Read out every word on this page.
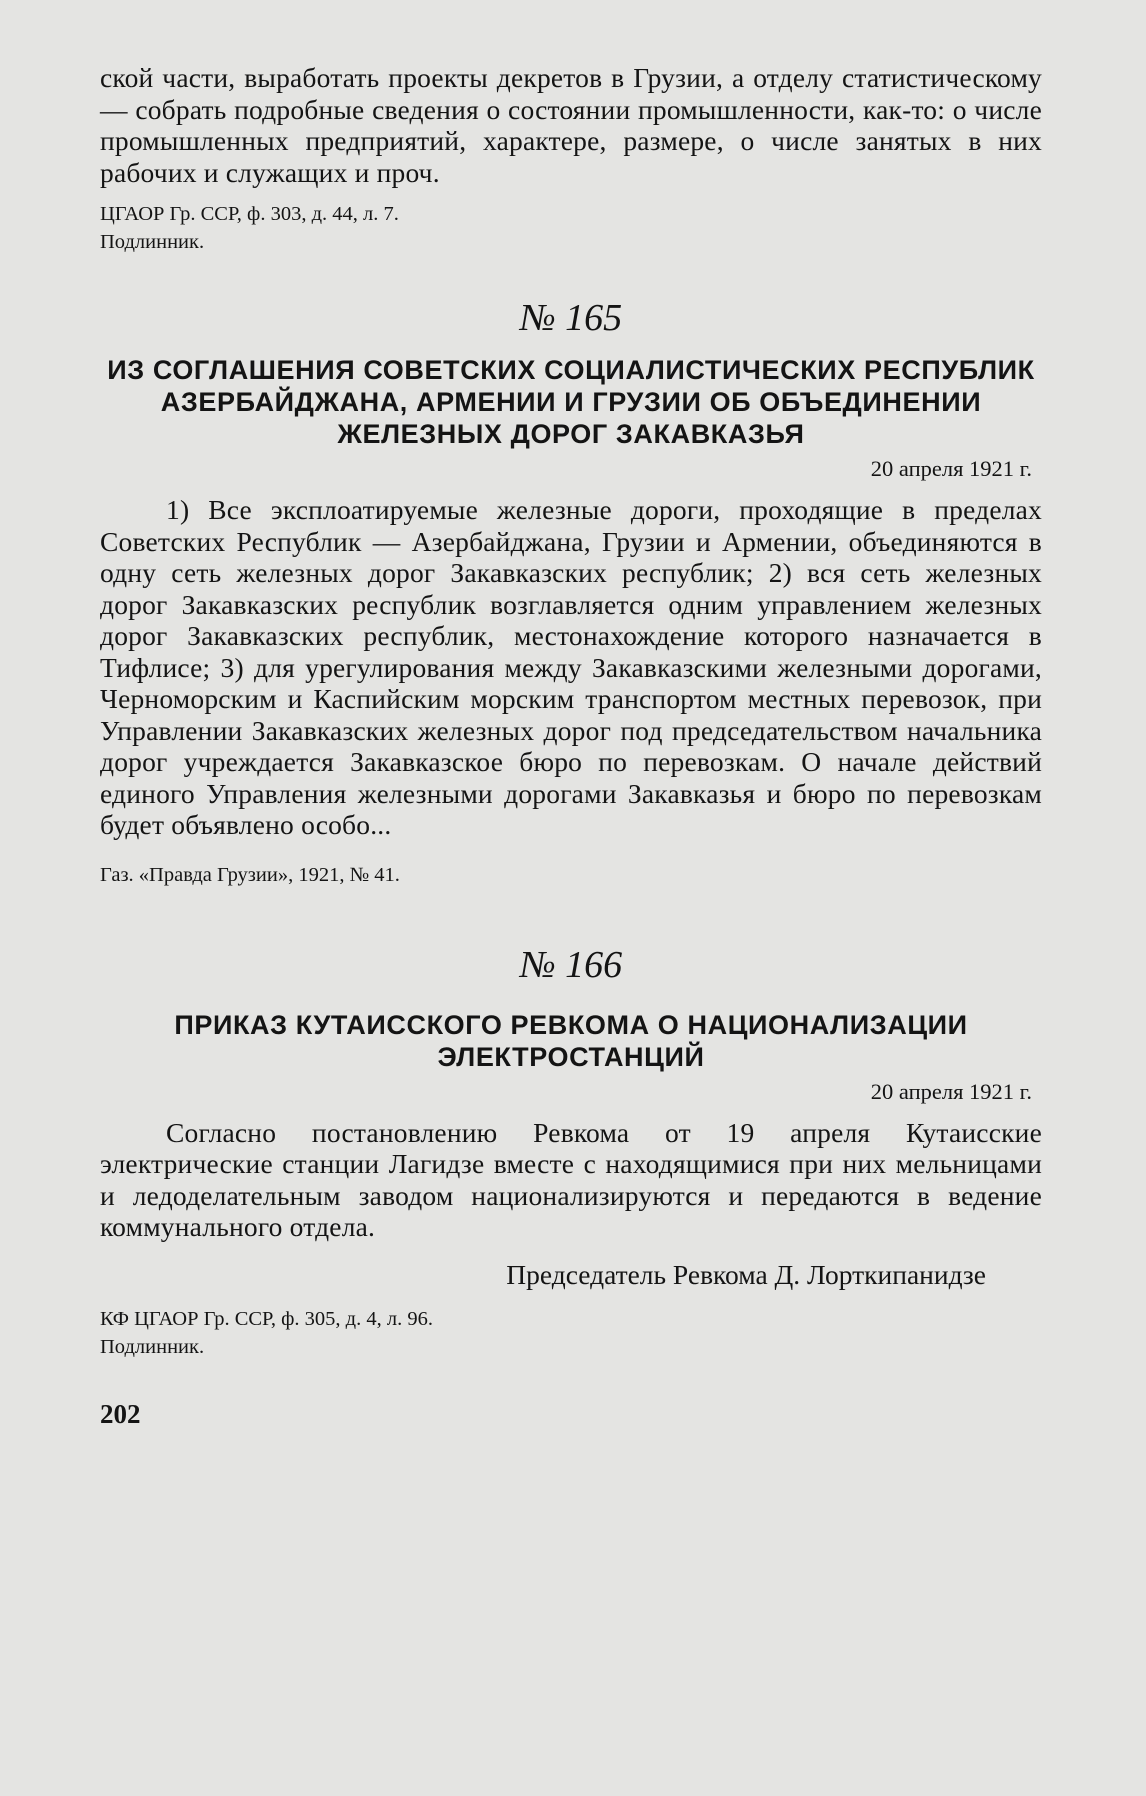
ской части, выработать проекты декретов в Грузии, а отделу статистическому — собрать подробные сведения о состоянии промышленности, как-то: о числе промышленных предприятий, характере, размере, о числе занятых в них рабочих и служащих и проч.

ЦГАОР Гр. ССР, ф. 303, д. 44, л. 7.

Подлинник.

№ 165

ИЗ СОГЛАШЕНИЯ СОВЕТСКИХ СОЦИАЛИСТИЧЕСКИХ РЕСПУБЛИК АЗЕРБАЙДЖАНА, АРМЕНИИ И ГРУЗИИ ОБ ОБЪЕДИНЕНИИ ЖЕЛЕЗНЫХ ДОРОГ ЗАКАВКАЗЬЯ

20 апреля 1921 г.

1) Все эксплоатируемые железные дороги, проходящие в пределах Советских Республик — Азербайджана, Грузии и Армении, объединяются в одну сеть железных дорог Закавказских республик; 2) вся сеть железных дорог Закавказских республик возглавляется одним управлением железных дорог Закавказских республик, местонахождение которого назначается в Тифлисе; 3) для урегулирования между Закавказскими железными дорогами, Черноморским и Каспийским морским транспортом местных перевозок, при Управлении Закавказских железных дорог под председательством начальника дорог учреждается Закавказское бюро по перевозкам. О начале действий единого Управления железными дорогами Закавказья и бюро по перевозкам будет объявлено особо...

Газ. «Правда Грузии», 1921, № 41.

№ 166

ПРИКАЗ КУТАИССКОГО РЕВКОМА О НАЦИОНАЛИЗАЦИИ ЭЛЕКТРОСТАНЦИЙ

20 апреля 1921 г.

Согласно постановлению Ревкома от 19 апреля Кутаисские электрические станции Лагидзе вместе с находящимися при них мельницами и ледоделательным заводом национализируются и передаются в ведение коммунального отдела.

Председатель Ревкома Д. Лорткипанидзе

КФ ЦГАОР Гр. ССР, ф. 305, д. 4, л. 96.

Подлинник.

202
